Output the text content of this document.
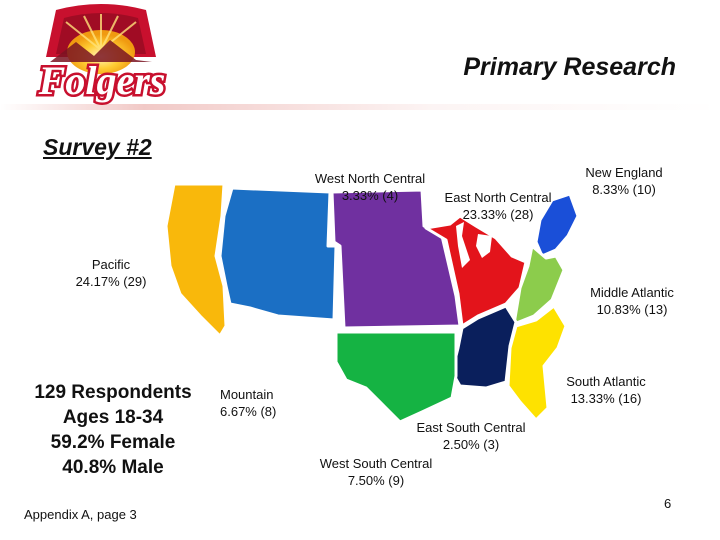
Folgers	Primary Research
Survey #2
West North Central
3.33% (4)	East North Central
23.33% (28)
New England
8.33% (10)
Pacific
24.17% (29)
Middle Atlantic
10.83% (13)
South Atlantic
13.33% (16)
Mountain
6.67% (8)
East South Central
2.50% (3)
West South Central
7.50% (9)
129 Respondents
Ages 18-34
59.2% Female
40.8% Male
Appendix A, page 3
6
